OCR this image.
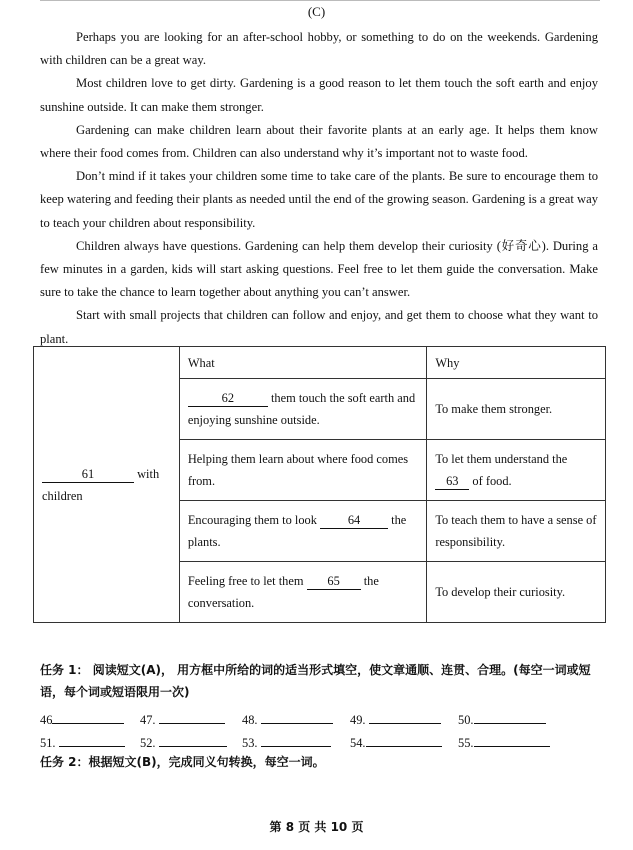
(C)

Perhaps you are looking for an after-school hobby, or something to do on the weekends. Gardening with children can be a great way.

Most children love to get dirty. Gardening is a good reason to let them touch the soft earth and enjoy sunshine outside. It can make them stronger.

Gardening can make children learn about their favorite plants at an early age. It helps them know where their food comes from. Children can also understand why it’s important not to waste food.

Don’t mind if it takes your children some time to take care of the plants. Be sure to encourage them to keep watering and feeding their plants as needed until the end of the growing season. Gardening is a great way to teach your children about responsibility.

Children always have questions. Gardening can help them develop their curiosity (好奇心). During a few minutes in a garden, kids will start asking questions. Feel free to let them guide the conversation. Make sure to take the chance to learn together about anything you can’t answer.

Start with small projects that children can follow and enjoy, and get them to choose what they want to plant.

61 with children	What	Why
	62 them touch the soft earth and enjoying sunshine outside.	To make them stronger.
	Helping them learn about where food comes from.	To let them understand the 63 of food.
	Encouraging them to look 64 the plants.	To teach them to have a sense of responsibility.
	Feeling free to let them 65 the conversation.	To develop their curiosity.
任务 1： 阅读短文(A)， 用方框中所给的词的适当形式填空，使文章通顺、连贯、合理。(每空一词或短语，每个词或短语限用一次)
46	47.	48.	49.	50.
51.	52.	53.	54.	55.
任务 2：根据短文(B)，完成同义句转换，每空一词。
第 8 页 共 10 页
